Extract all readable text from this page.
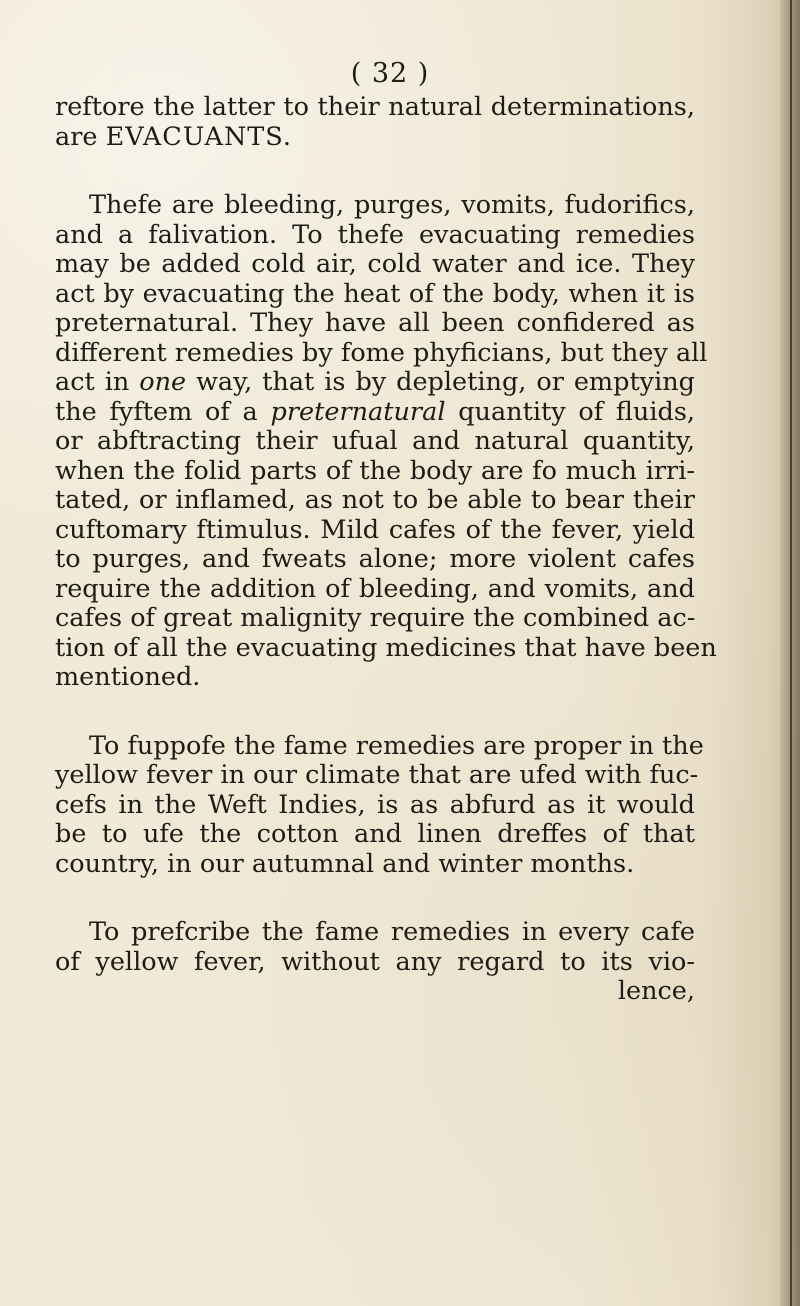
( 32 )
reftore the latter to their natural determinations,
are EVACUANTS.
Thefe are bleeding, purges, vomits, fudorifics,
and a falivation. To thefe evacuating remedies
may be added cold air, cold water and ice. They
act by evacuating the heat of the body, when it is
preternatural. They have all been confidered as
different remedies by fome phyficians, but they all
act in one way, that is by depleting, or emptying
the fyftem of a preternatural quantity of fluids,
or abftracting their ufual and natural quantity,
when the folid parts of the body are fo much irri-
tated, or inflamed, as not to be able to bear their
cuftomary ftimulus. Mild cafes of the fever, yield
to purges, and fweats alone; more violent cafes
require the addition of bleeding, and vomits, and
cafes of great malignity require the combined ac-
tion of all the evacuating medicines that have been
mentioned.
To fuppofe the fame remedies are proper in the
yellow fever in our climate that are ufed with fuc-
cefs in the Weft Indies, is as abfurd as it would
be to ufe the cotton and linen dreffes of that
country, in our autumnal and winter months.
To prefcribe the fame remedies in every cafe
of yellow fever, without any regard to its vio-
lence,
